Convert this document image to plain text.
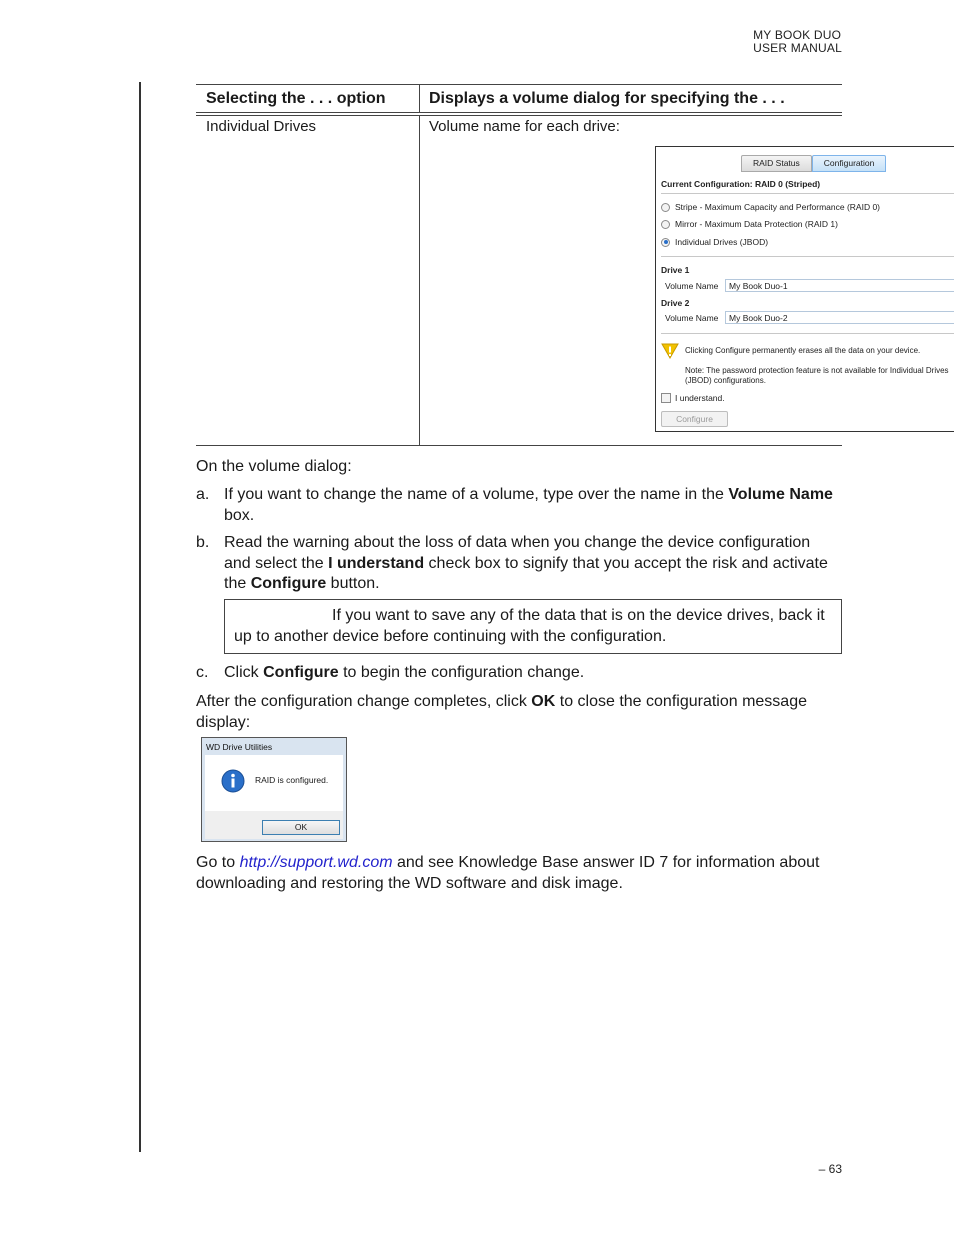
MY BOOK DUO
USER MANUAL
Selecting the . . . option	Displays a volume dialog for specifying the . . .
Individual Drives	Volume name for each drive:
RAID Status	Configuration
Current Configuration: RAID 0 (Striped)
Stripe - Maximum Capacity and Performance (RAID 0)
Mirror - Maximum Data Protection (RAID 1)
Individual Drives (JBOD)
Drive 1
Volume Name	My Book Duo-1
Drive 2
Volume Name	My Book Duo-2
Clicking Configure permanently erases all the data on your device.
Note: The password protection feature is not available for Individual Drives (JBOD) configurations.
I understand.
Configure
On the volume dialog:
a. If you want to change the name of a volume, type over the name in the Volume Name box.
b. Read the warning about the loss of data when you change the device configuration and select the I understand check box to signify that you accept the risk and activate the Configure button.
If you want to save any of the data that is on the device drives, back it up to another device before continuing with the configuration.
c. Click Configure to begin the configuration change.
After the configuration change completes, click OK to close the configuration message display:
WD Drive Utilities
RAID is configured.
OK
Go to http://support.wd.com and see Knowledge Base answer ID 7 for information about downloading and restoring the WD software and disk image.
– 63
